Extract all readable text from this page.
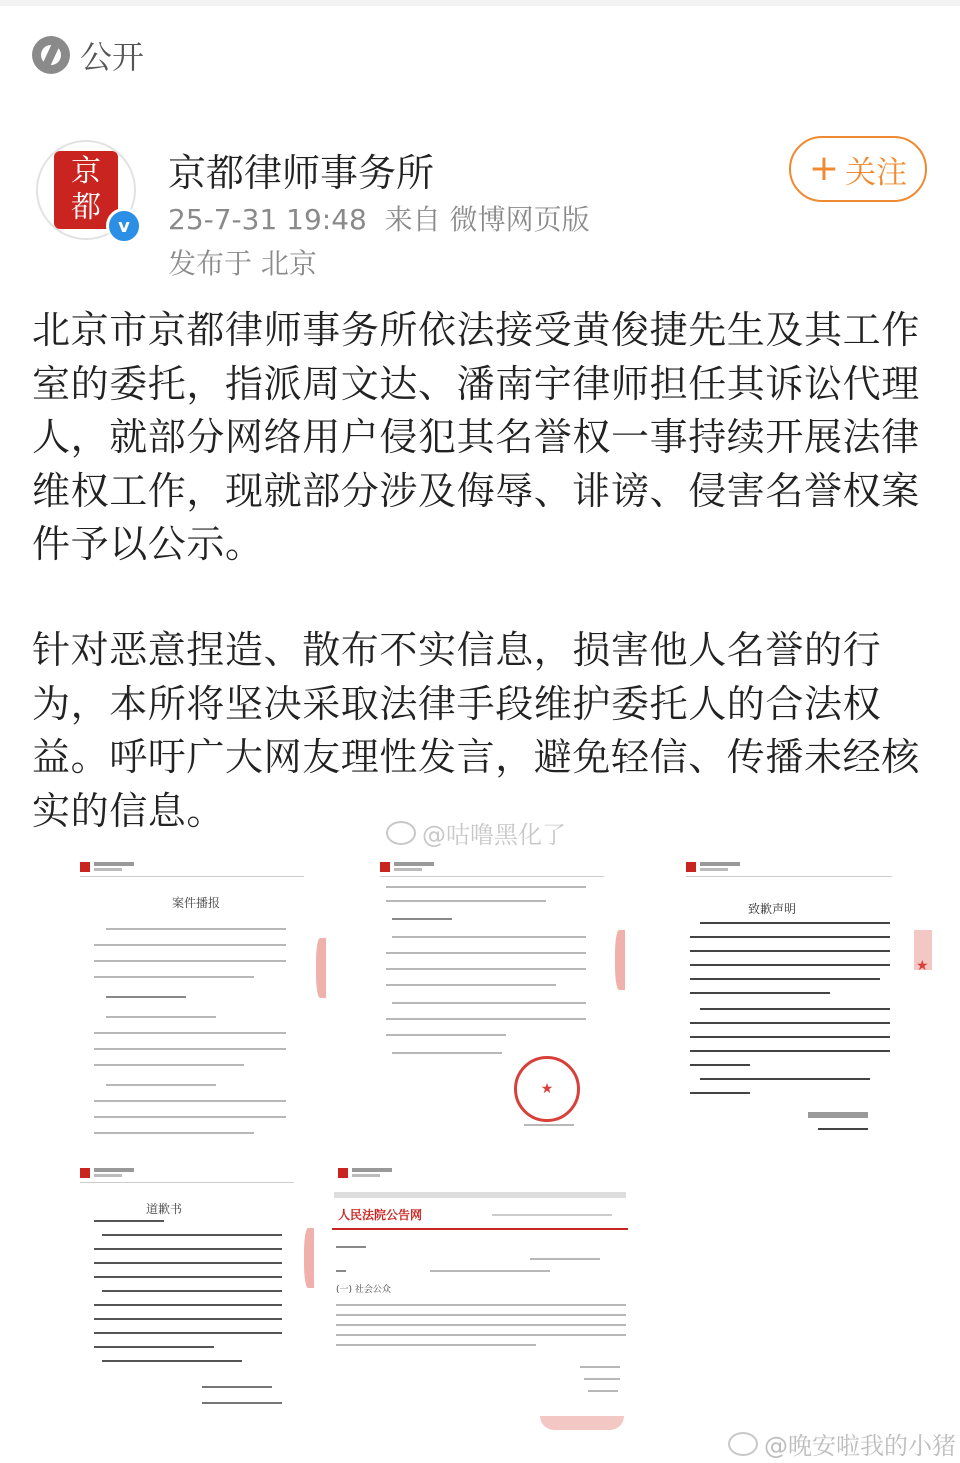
公开
京
都
v
京都律师事务所
25-7-31 19:48  来自 微博网页版
发布于 北京
+ 关注
北京市京都律师事务所依法接受黄俊捷先生及其工作室的委托，指派周文达、潘南宇律师担任其诉讼代理人，就部分网络用户侵犯其名誉权一事持续开展法律维权工作，现就部分涉及侮辱、诽谤、侵害名誉权案件予以公示。
针对恶意捏造、散布不实信息，损害他人名誉的行为，本所将坚决采取法律手段维护委托人的合法权益。呼吁广大网友理性发言，避免轻信、传播未经核实的信息。
@咕噜黑化了
案件播报
★
致歉声明
★
道歉书	人民法院公告网
(一) 社会公众
@晚安啦我的小猪
